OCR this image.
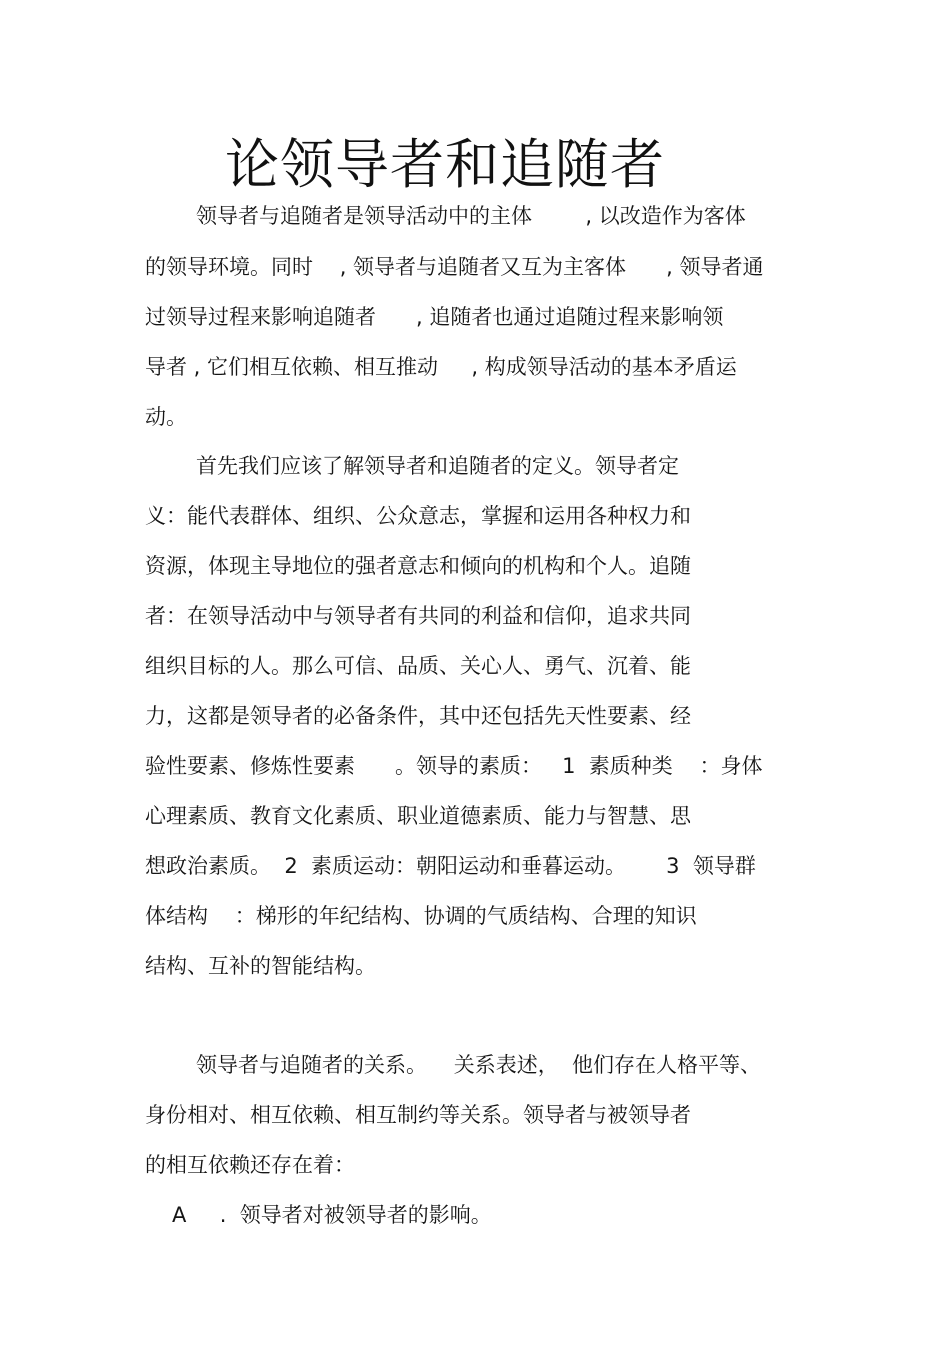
论领导者和追随者
领导者与追随者是领导活动中的主体        , 以改造作为客体
的领导环境。同时    , 领导者与追随者又互为主客体      , 领导者通
过领导过程来影响追随者      , 追随者也通过追随过程来影响领
导者 , 它们相互依赖、相互推动     , 构成领导活动的基本矛盾运
动。
首先我们应该了解领导者和追随者的定义。领导者定
义：能代表群体、组织、公众意志，掌握和运用各种权力和
资源，体现主导地位的强者意志和倾向的机构和个人。追随
者：在领导活动中与领导者有共同的利益和信仰，追求共同
组织目标的人。那么可信、品质、关心人、勇气、沉着、能
力，这都是领导者的必备条件，其中还包括先天性要素、经
验性要素、修炼性要素      。领导的素质：   1  素质种类    ：身体
心理素质、教育文化素质、职业道德素质、能力与智慧、思
想政治素质。  2  素质运动：朝阳运动和垂暮运动。      3  领导群
体结构    ：梯形的年纪结构、协调的气质结构、合理的知识
结构、互补的智能结构。
领导者与追随者的关系。    关系表述，  他们存在人格平等、
身份相对、相互依赖、相互制约等关系。领导者与被领导者
的相互依赖还存在着：
A     .  领导者对被领导者的影响。
